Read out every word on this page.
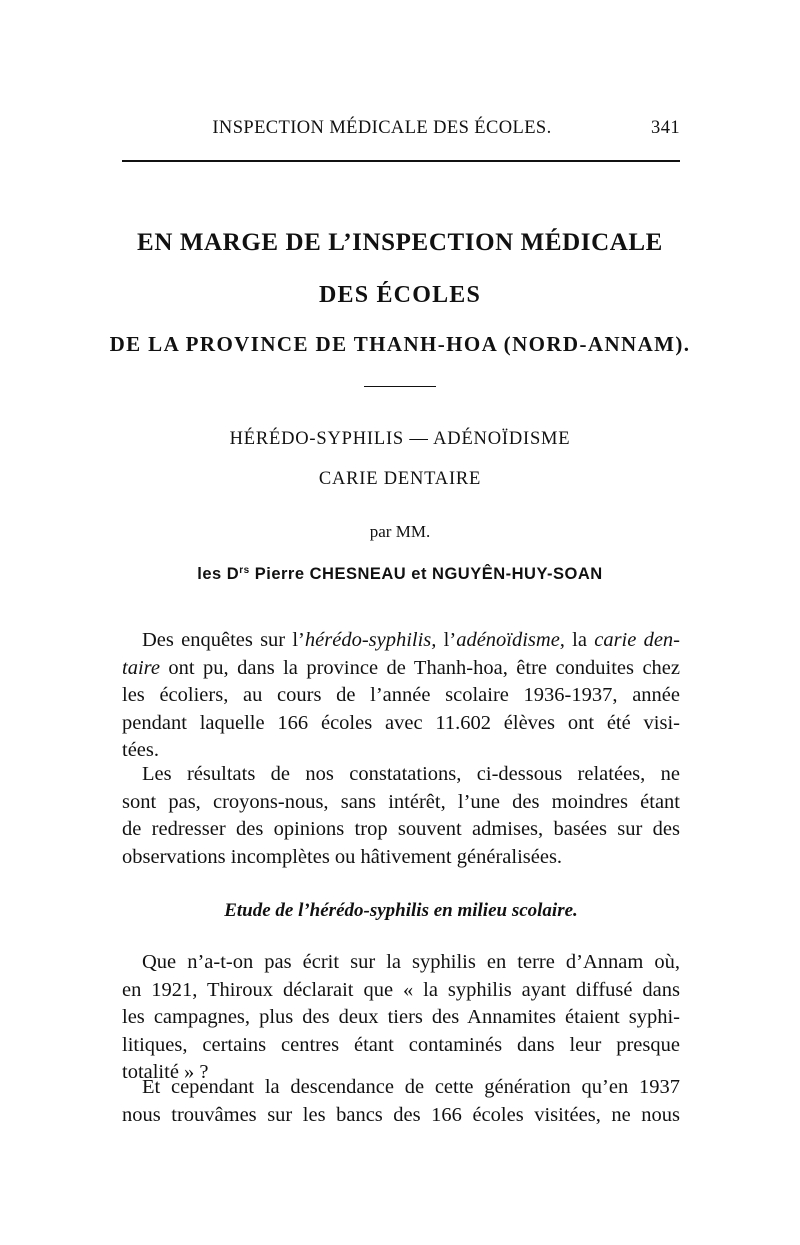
INSPECTION MÉDICALE DES ÉCOLES.	341
EN MARGE DE L’INSPECTION MÉDICALE
DES ÉCOLES
DE LA PROVINCE DE THANH-HOA (NORD-ANNAM).
HÉRÉDO-SYPHILIS — ADÉNOÏDISME
CARIE DENTAIRE
par MM.
les $D^{rs}$ Pierre CHESNEAU et NGUYÊN-HUY-SOAN
Des enquêtes sur l’hérédo-syphilis, l’adénoïdisme, la carie den-
taire ont pu, dans la province de Thanh-hoa, être conduites chez
les écoliers, au cours de l’année scolaire 1936-1937, année
pendant laquelle 166 écoles avec 11.602 élèves ont été visi-
tées.
Les résultats de nos constatations, ci-dessous relatées, ne
sont pas, croyons-nous, sans intérêt, l’une des moindres étant
de redresser des opinions trop souvent admises, basées sur des
observations incomplètes ou hâtivement généralisées.
Etude de l’hérédo-syphilis en milieu scolaire.
Que n’a-t-on pas écrit sur la syphilis en terre d’Annam où,
en 1921, Thiroux déclarait que « la syphilis ayant diffusé dans
les campagnes, plus des deux tiers des Annamites étaient syphi-
litiques, certains centres étant contaminés dans leur presque
totalité » ?
Et cependant la descendance de cette génération qu’en 1937
nous trouvâmes sur les bancs des 166 écoles visitées, ne nous
